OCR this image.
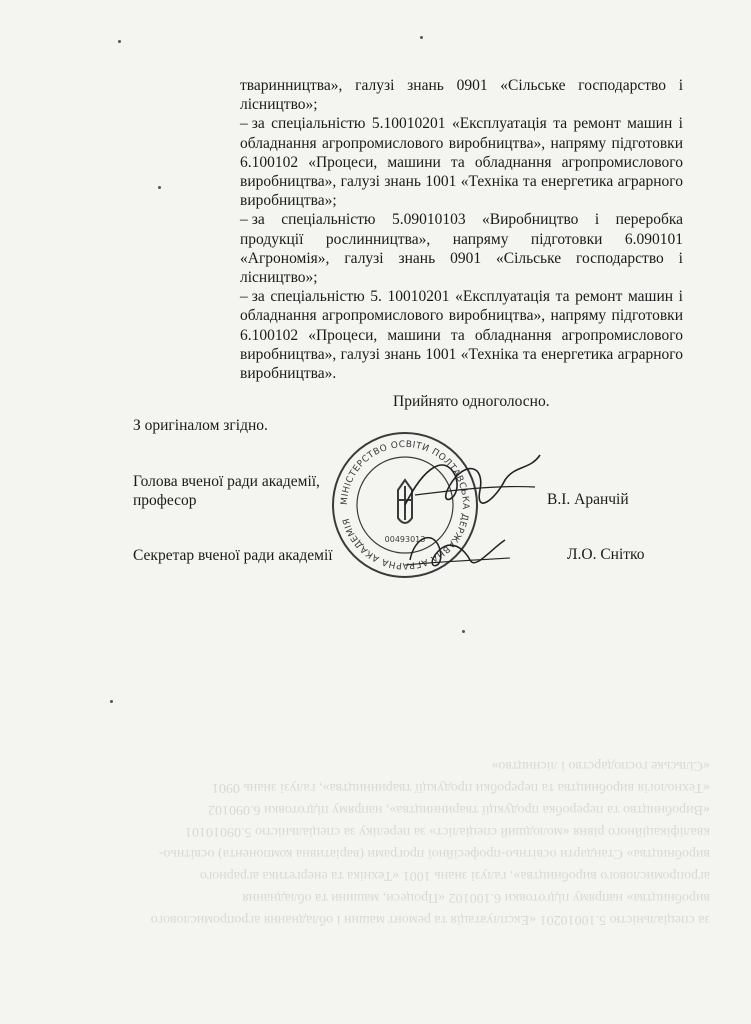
за спеціальністю 5.10010201 «Експлуатація та ремонт машин і обладнання агропромислового виробництва» напряму підготовки 6.100102 «Процеси, машини та обладнання агропромислового виробництва», галузі знань 1001 «Техніка та енергетика аграрного виробництва» Стандарти освітньо-професійної програми (варіативна компонента) освітньо-кваліфікаційного рівня «молодший спеціаліст» за переліку за спеціальністю 5.09010101 «Виробництво та переробка продукції тваринництва», напряму підготовки 6.090102 «Технологія виробництва та переробки продукції тваринництва», галузі знань 0901 «Сільське господарство і лісництво»

тваринництва», галузі знань 0901 «Сільське господарство і лісництво»;

– за спеціальністю 5.10010201 «Експлуатація та ремонт машин і обладнання агропромислового виробництва», напряму підготовки 6.100102 «Процеси, машини та обладнання агропромислового виробництва», галузі знань 1001 «Техніка та енергетика аграрного виробництва»;

– за спеціальністю 5.09010103 «Виробництво і переробка продукції рослинництва», напряму підготовки 6.090101 «Агрономія», галузі знань 0901 «Сільське господарство і лісництво»;

– за спеціальністю 5. 10010201 «Експлуатація та ремонт машин і обладнання агропромислового виробництва», напряму підготовки 6.100102 «Процеси, машини та обладнання агропромислового виробництва», галузі знань 1001 «Техніка та енергетика аграрного виробництва».

Прийнято одноголосно.
З оригіналом згідно.
Голова вченої ради академії,
професор	В.І. Аранчій
Секретар вченої ради академії	Л.О. Снітко
МІНІСТЕРСТВО ОСВІТИ ПОЛТАВСЬКА ДЕРЖАВНА АГРАРНА АКАДЕМІЯ
00493013
